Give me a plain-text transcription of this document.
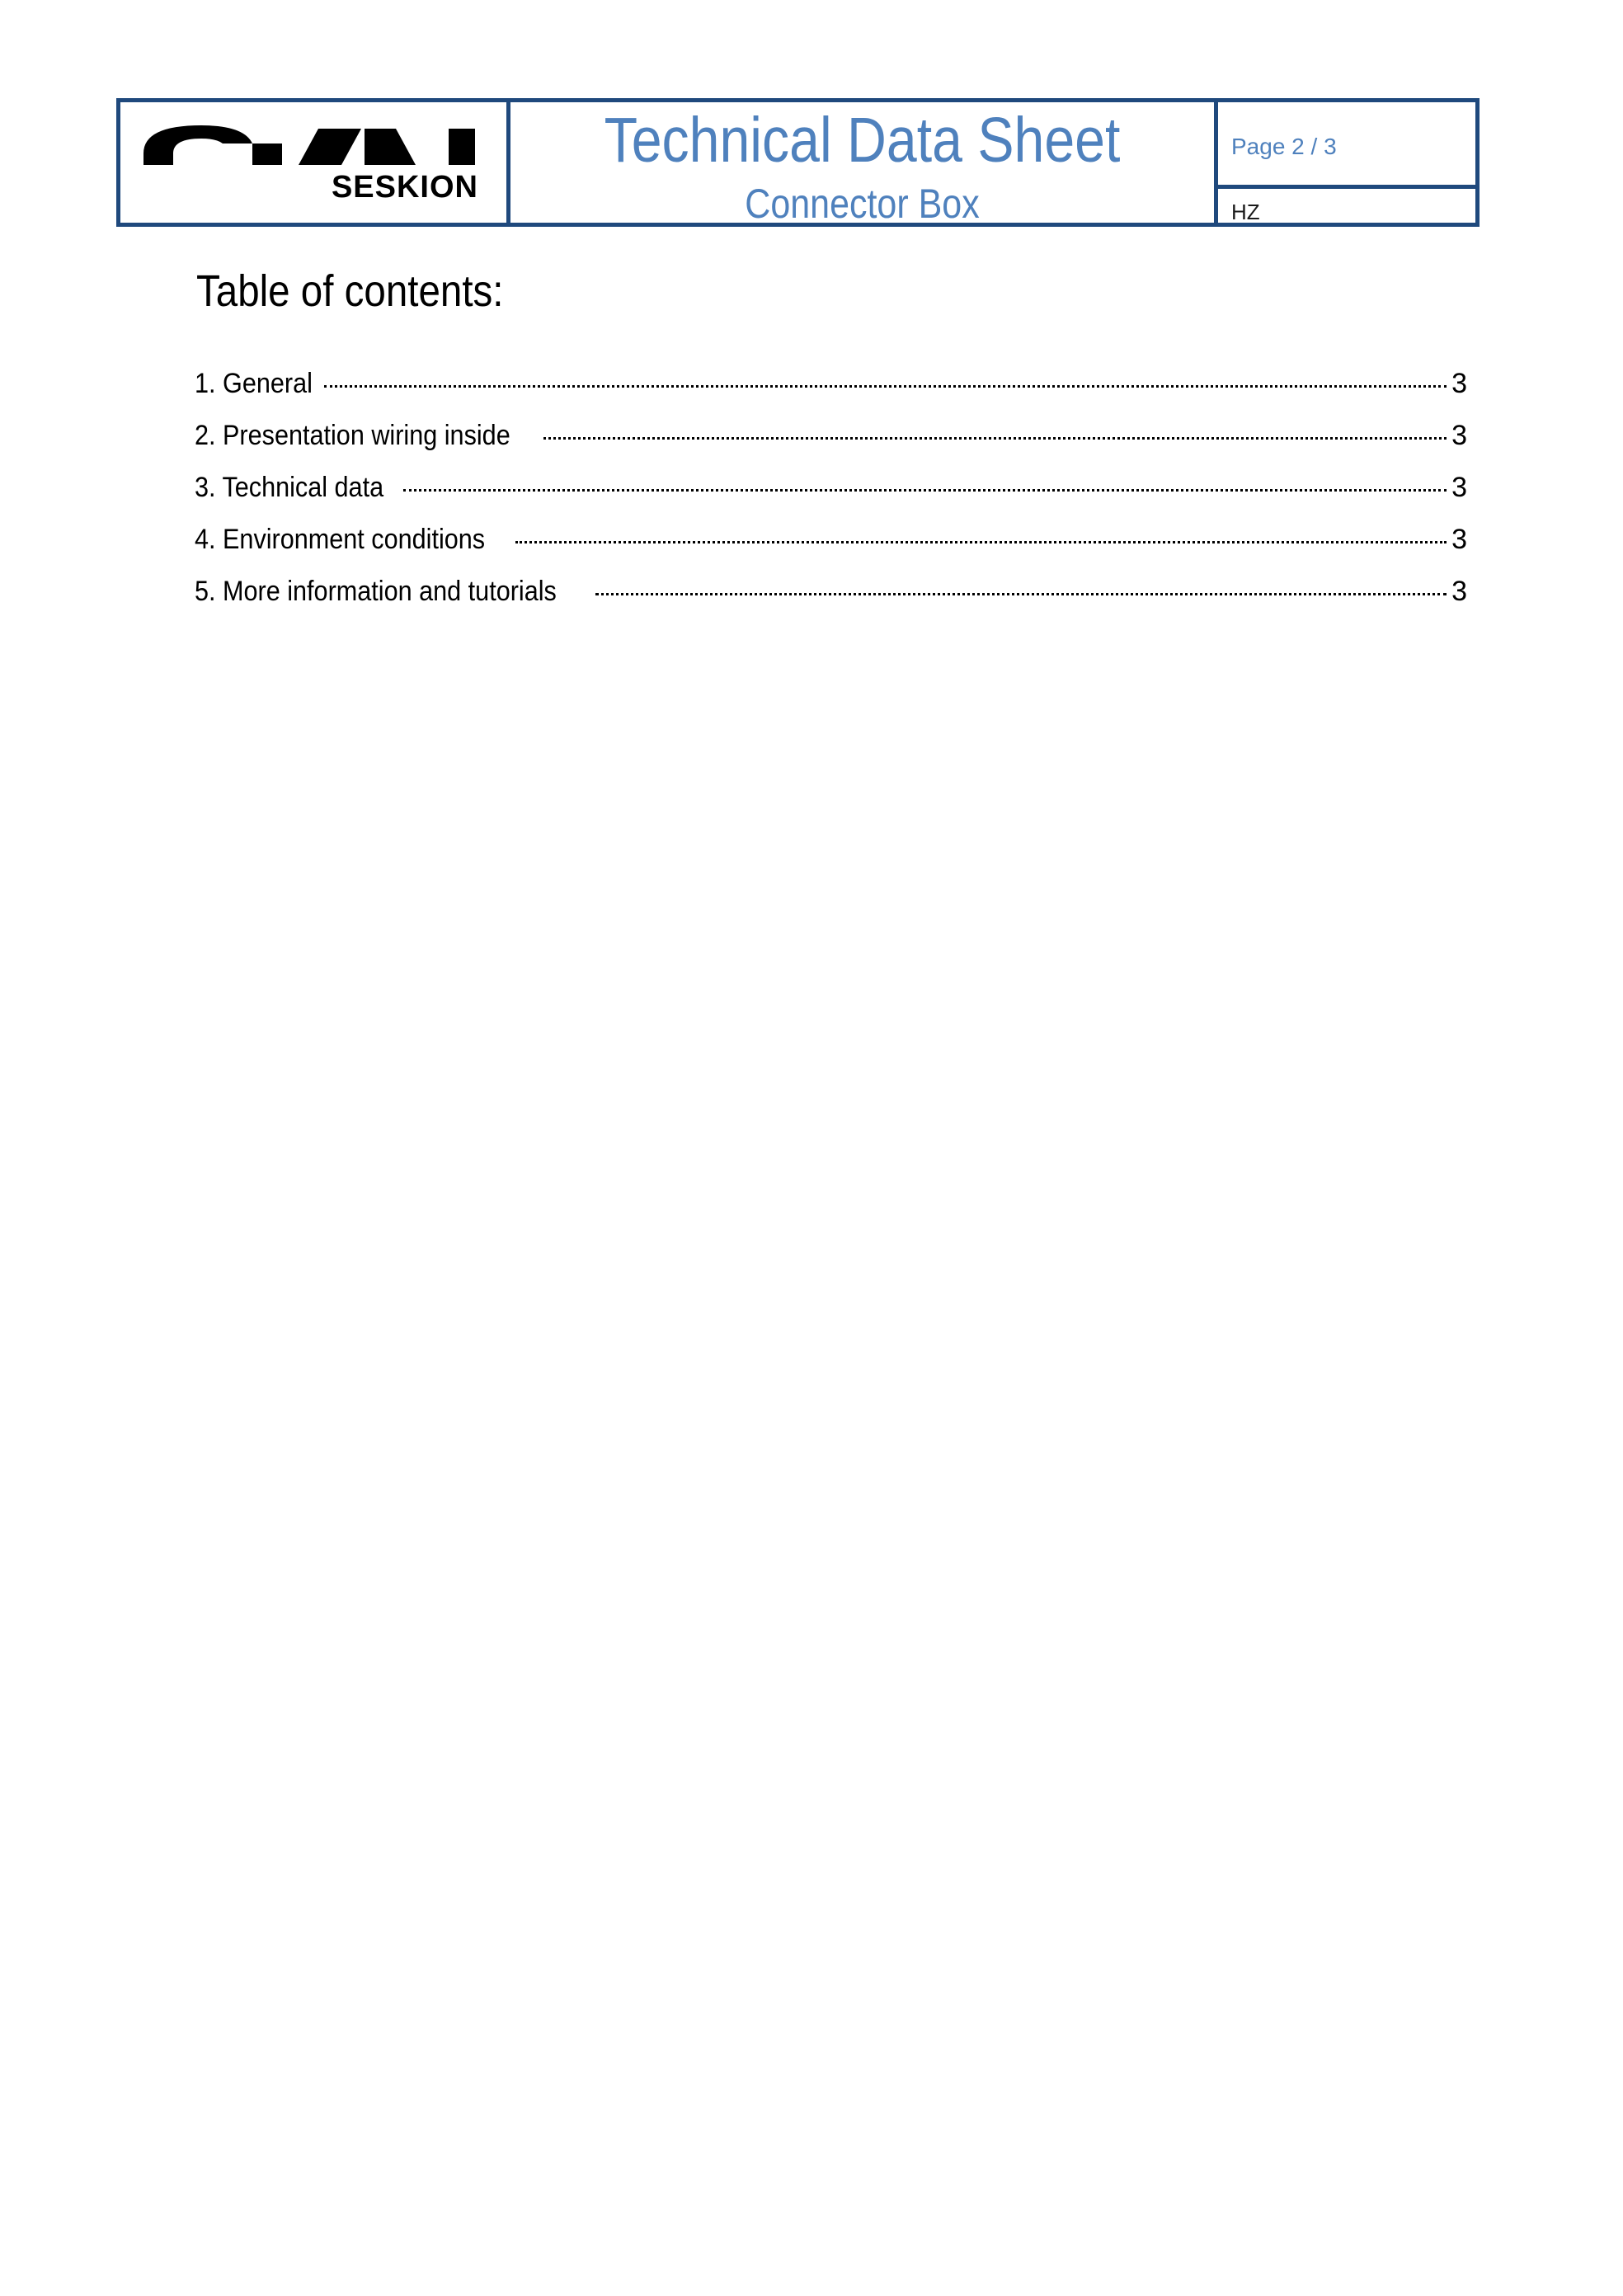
SESKION
Technical Data Sheet
Connector Box
Page 2 / 3
HZ
Table of contents:
1. General	3
2. Presentation wiring inside	3
3. Technical data	3
4. Environment conditions	3
5. More information and tutorials	3
